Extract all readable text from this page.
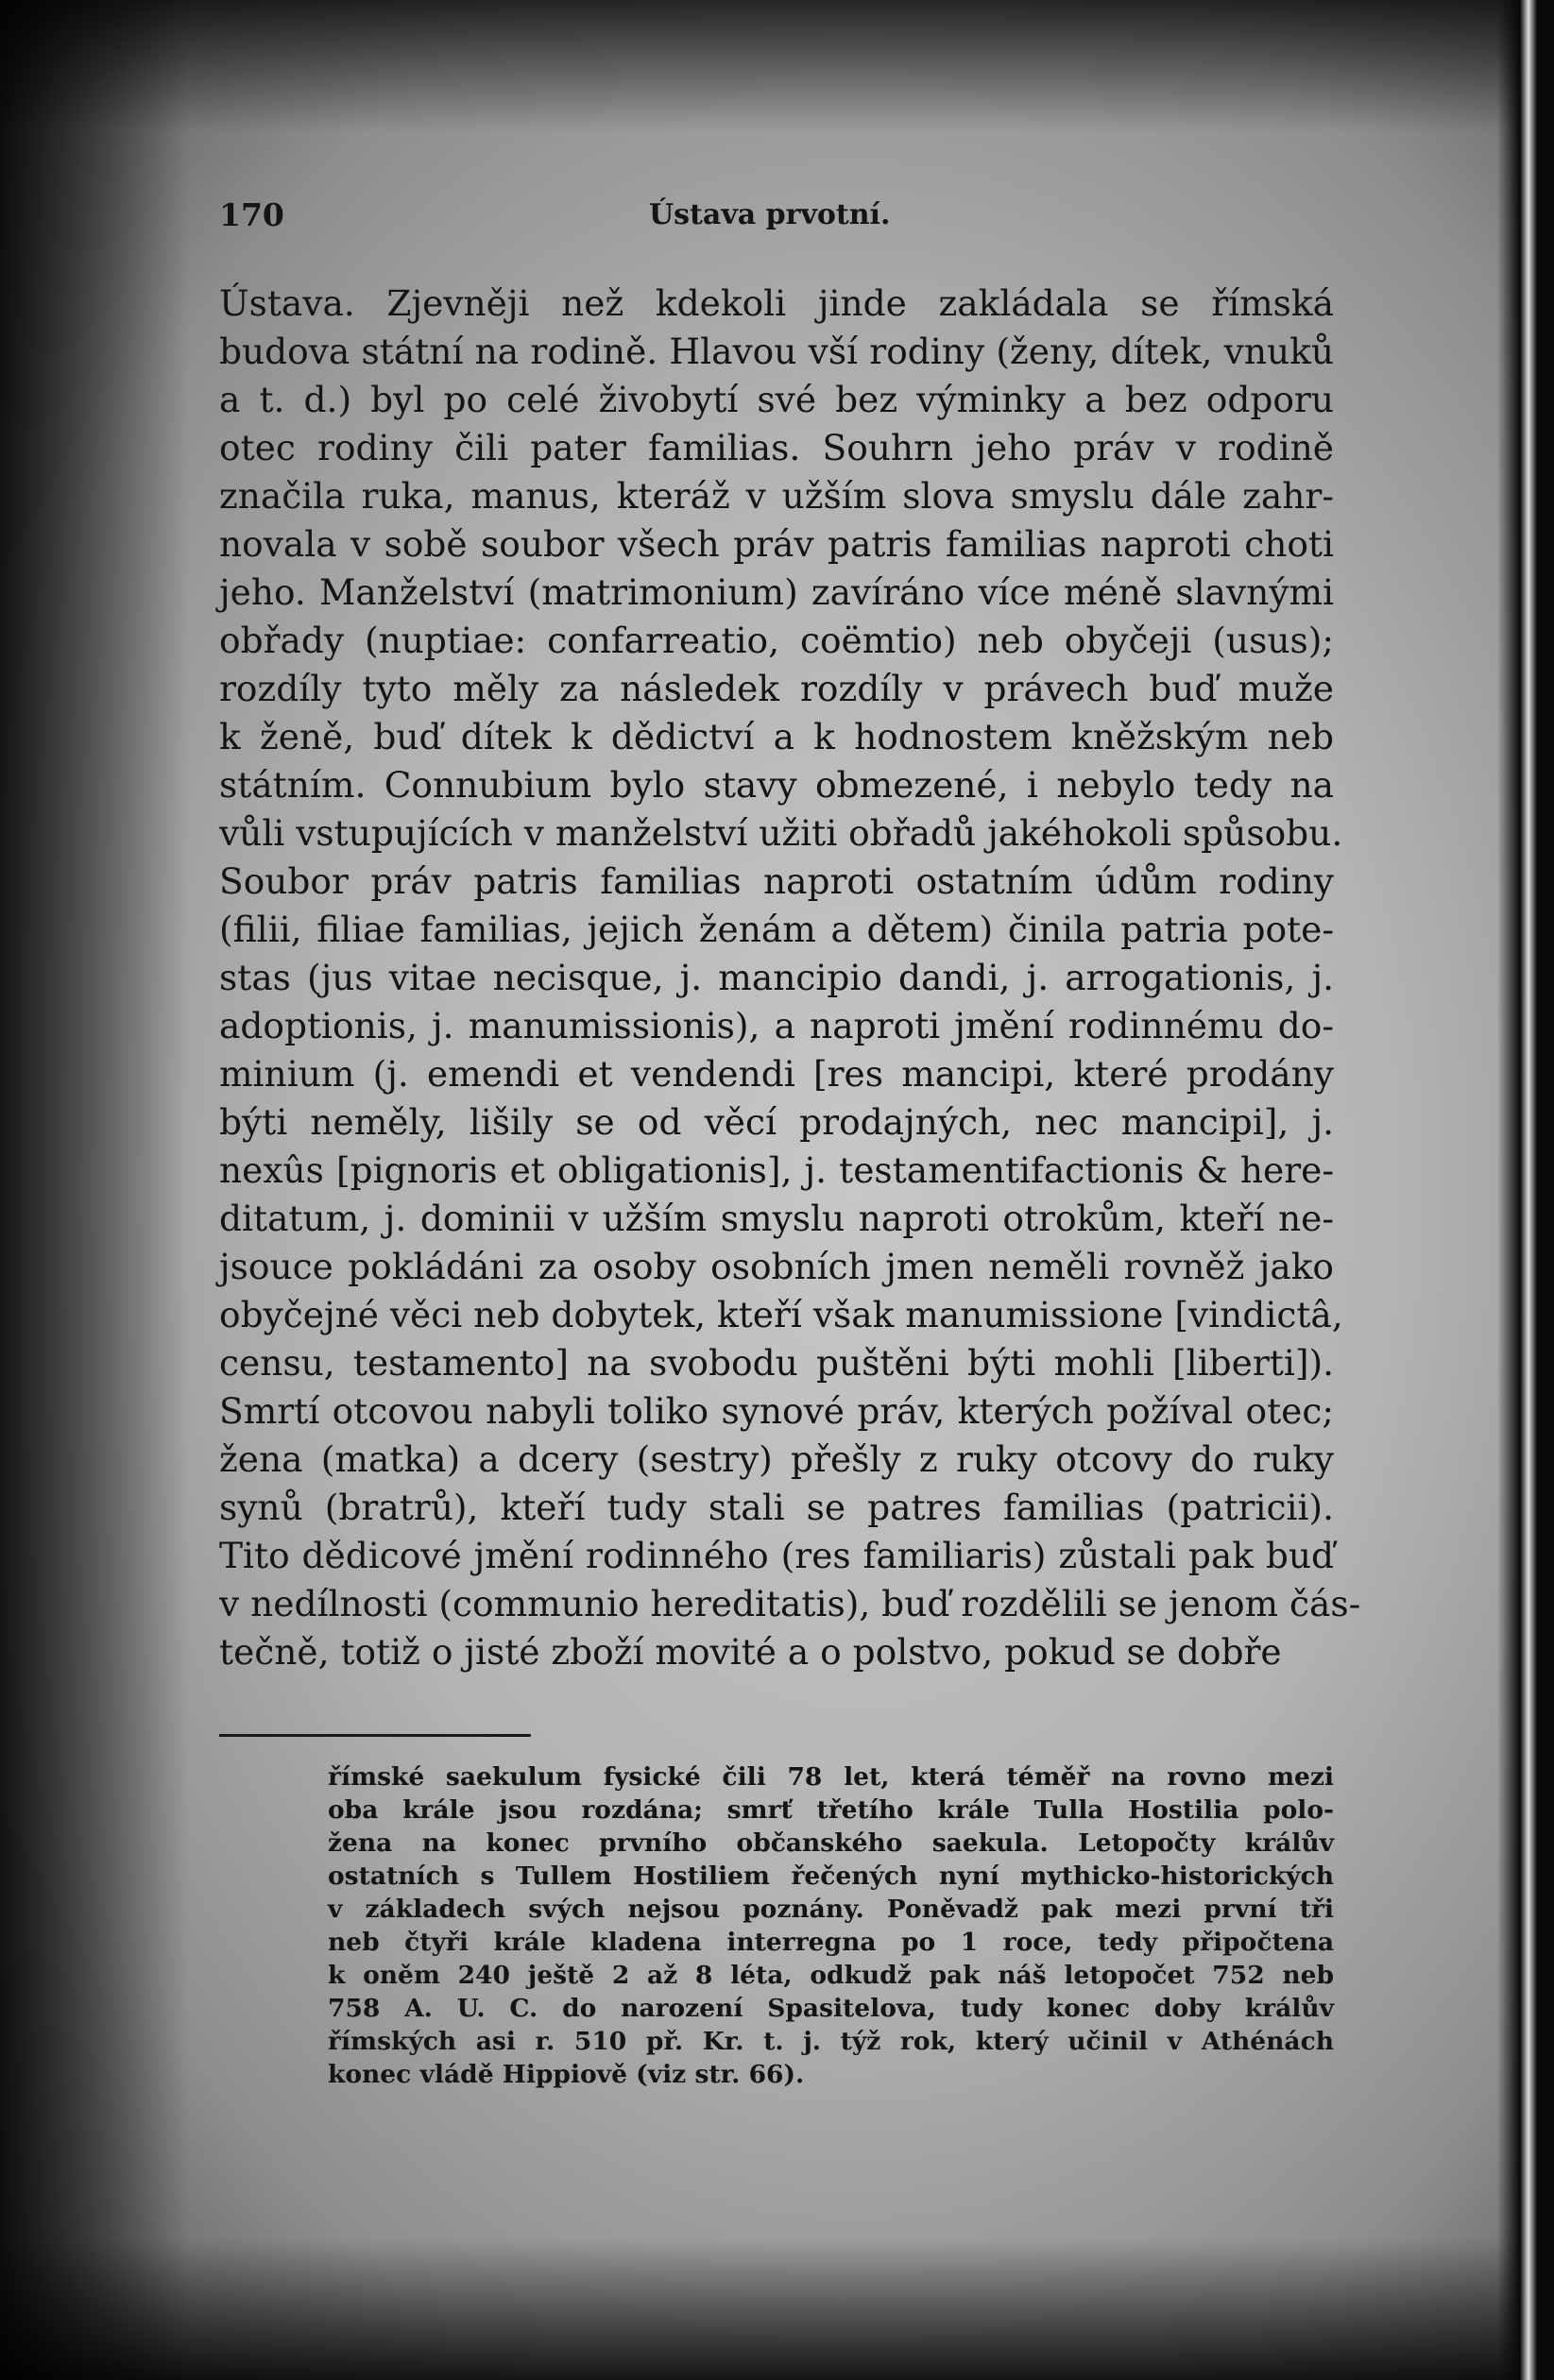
170	Ústava prvotní.
Ústava. Zjevněji než kdekoli jinde zakládala se římská
budova státní na rodině. Hlavou vší rodiny (ženy, dítek, vnuků
a t. d.) byl po celé živobytí své bez výminky a bez odporu
otec rodiny čili pater familias. Souhrn jeho práv v rodině
značila ruka, manus, kteráž v užším slova smyslu dále zahr-
novala v sobě soubor všech práv patris familias naproti choti
jeho. Manželství (matrimonium) zavíráno více méně slavnými
obřady (nuptiae: confarreatio, coëmtio) neb obyčeji (usus);
rozdíly tyto měly za následek rozdíly v právech buď muže
k ženě, buď dítek k dědictví a k hodnostem kněžským neb
státním. Connubium bylo stavy obmezené, i nebylo tedy na
vůli vstupujících v manželství užiti obřadů jakéhokoli spůsobu.
Soubor práv patris familias naproti ostatním údům rodiny
(filii, filiae familias, jejich ženám a dětem) činila patria pote-
stas (jus vitae necisque, j. mancipio dandi, j. arrogationis, j.
adoptionis, j. manumissionis), a naproti jmění rodinnému do-
minium (j. emendi et vendendi [res mancipi, které prodány
býti neměly, lišily se od věcí prodajných, nec mancipi], j.
nexûs [pignoris et obligationis], j. testamentifactionis & here-
ditatum, j. dominii v užším smyslu naproti otrokům, kteří ne-
jsouce pokládáni za osoby osobních jmen neměli rovněž jako
obyčejné věci neb dobytek, kteří však manumissione [vindictâ,
censu, testamento] na svobodu puštěni býti mohli [liberti]).
Smrtí otcovou nabyli toliko synové práv, kterých požíval otec;
žena (matka) a dcery (sestry) přešly z ruky otcovy do ruky
synů (bratrů), kteří tudy stali se patres familias (patricii).
Tito dědicové jmění rodinného (res familiaris) zůstali pak buď
v nedílnosti (communio hereditatis), buď rozdělili se jenom čás-
tečně, totiž o jisté zboží movité a o polstvo, pokud se dobře
římské saekulum fysické čili 78 let, která téměř na rovno mezi
oba krále jsou rozdána; smrť třetího krále Tulla Hostilia polo-
žena na konec prvního občanského saekula. Letopočty králův
ostatních s Tullem Hostiliem řečených nyní mythicko-historických
v základech svých nejsou poznány. Poněvadž pak mezi první tři
neb čtyři krále kladena interregna po 1 roce, tedy připočtena
k oněm 240 ještě 2 až 8 léta, odkudž pak náš letopočet 752 neb
758 A. U. C. do narození Spasitelova, tudy konec doby králův
římských asi r. 510 př. Kr. t. j. týž rok, který učinil v Athénách
konec vládě Hippiově (viz str. 66).
